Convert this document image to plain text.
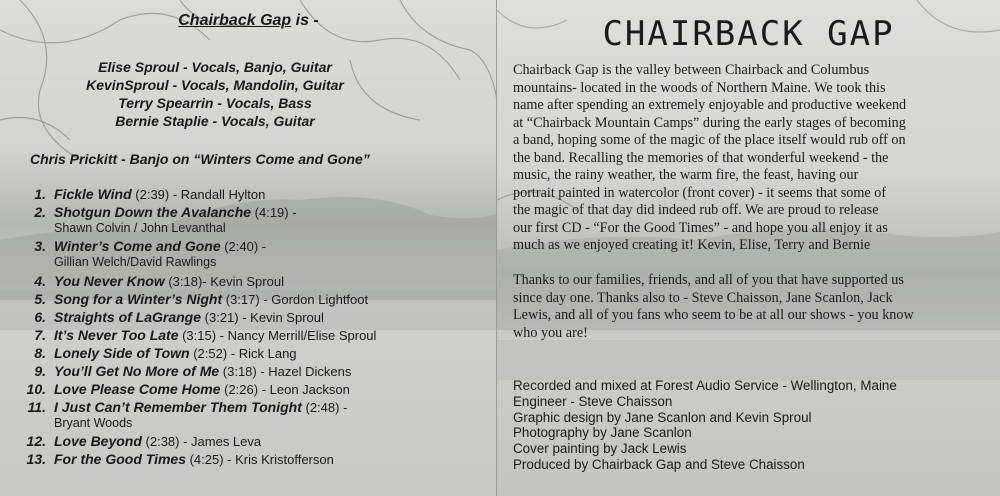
Chairback Gap is -
Elise Sproul - Vocals, Banjo, Guitar
KevinSproul - Vocals, Mandolin, Guitar
Terry Spearrin - Vocals, Bass
Bernie Staplie - Vocals, Guitar
Chris Prickitt - Banjo on “Winters Come and Gone”
1. Fickle Wind (2:39) - Randall Hylton
2. Shotgun Down the Avalanche (4:19) -
Shawn Colvin / John Levanthal
3. Winter’s Come and Gone (2:40) -
Gillian Welch/David Rawlings
4. You Never Know (3:18)- Kevin Sproul
5. Song for a Winter’s Night (3:17) - Gordon Lightfoot
6. Straights of LaGrange (3:21) - Kevin Sproul
7. It’s Never Too Late (3:15) - Nancy Merrill/Elise Sproul
8. Lonely Side of Town (2:52) - Rick Lang
9. You’ll Get No More of Me (3:18) - Hazel Dickens
10. Love Please Come Home (2:26) - Leon Jackson
11. I Just Can’t Remember Them Tonight (2:48) -
Bryant Woods
12. Love Beyond (2:38) - James Leva
13. For the Good Times (4:25) - Kris Kristofferson
CHAIRBACK GAP
Chairback Gap is the valley between Chairback and Columbus
mountains- located in the woods of Northern Maine. We took this
name after spending an extremely enjoyable and productive weekend
at “Chairback Mountain Camps” during the early stages of becoming
a band, hoping some of the magic of the place itself would rub off on
the band. Recalling the memories of that wonderful weekend - the
music, the rainy weather, the warm fire, the feast, having our
portrait painted in watercolor (front cover) - it seems that some of
the magic of that day did indeed rub off. We are proud to release
our first CD - “For the Good Times” - and hope you all enjoy it as
much as we enjoyed creating it! Kevin, Elise, Terry and Bernie
Thanks to our families, friends, and all of you that have supported us
since day one. Thanks also to - Steve Chaisson, Jane Scanlon, Jack
Lewis, and all of you fans who seem to be at all our shows - you know
who you are!
Recorded and mixed at Forest Audio Service - Wellington, Maine
Engineer - Steve Chaisson
Graphic design by Jane Scanlon and Kevin Sproul
Photography by Jane Scanlon
Cover painting by Jack Lewis
Produced by Chairback Gap and Steve Chaisson
